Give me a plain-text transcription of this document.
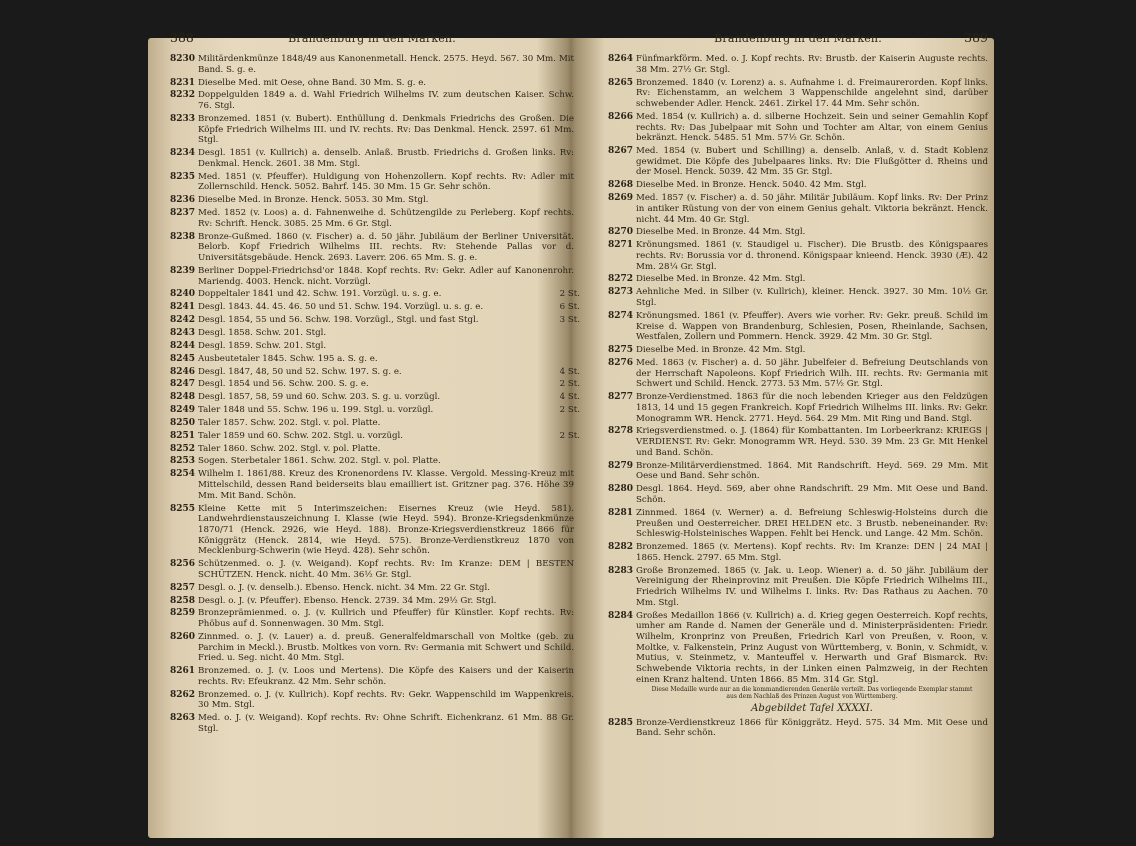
388	Brandenburg in den Marken.
8230 Militärdenkmünze 1848/49 aus Kanonenmetall. Henck. 2575. Heyd. 567. 30 Mm. Mit Band. S. g. e.
8231 Dieselbe Med. mit Oese, ohne Band. 30 Mm. S. g. e.
8232 Doppelgulden 1849 a. d. Wahl Friedrich Wilhelms IV. zum deutschen Kaiser. Schw. 76. Stgl.
8233 Bronzemed. 1851 (v. Bubert). Enthüllung d. Denkmals Friedrichs des Großen. Die Köpfe Friedrich Wilhelms III. und IV. rechts. Rv: Das Denkmal. Henck. 2597. 61 Mm. Stgl.
8234 Desgl. 1851 (v. Kullrich) a. denselb. Anlaß. Brustb. Friedrichs d. Großen links. Rv: Denkmal. Henck. 2601. 38 Mm. Stgl.
8235 Med. 1851 (v. Pfeuffer). Huldigung von Hohenzollern. Kopf rechts. Rv: Adler mit Zollernschild. Henck. 5052. Bahrf. 145. 30 Mm. 15 Gr. Sehr schön.
8236 Dieselbe Med. in Bronze. Henck. 5053. 30 Mm. Stgl.
8237 Med. 1852 (v. Loos) a. d. Fahnenweihe d. Schützengilde zu Perleberg. Kopf rechts. Rv: Schrift. Henck. 3085. 25 Mm. 6 Gr. Stgl.
8238 Bronze-Gußmed. 1860 (v. Fischer) a. d. 50 jähr. Jubiläum der Berliner Universität. Belorb. Kopf Friedrich Wilhelms III. rechts. Rv: Stehende Pallas vor d. Universitätsgebäude. Henck. 2693. Laverr. 206. 65 Mm. S. g. e.
8239 Berliner Doppel-Friedrichsd'or 1848. Kopf rechts. Rv: Gekr. Adler auf Kanonenrohr. Mariendg. 4003. Henck. nicht. Vorzügl.
8240 Doppeltaler 1841 und 42. Schw. 191. Vorzügl. u. s. g. e.	2 St.
8241 Desgl. 1843. 44. 45. 46. 50 und 51. Schw. 194. Vorzügl. u. s. g. e.	6 St.
8242 Desgl. 1854, 55 und 56. Schw. 198. Vorzügl., Stgl. und fast Stgl.	3 St.
8243 Desgl. 1858. Schw. 201. Stgl.
8244 Desgl. 1859. Schw. 201. Stgl.
8245 Ausbeutetaler 1845. Schw. 195 a. S. g. e.
8246 Desgl. 1847, 48, 50 und 52. Schw. 197. S. g. e.	4 St.
8247 Desgl. 1854 und 56. Schw. 200. S. g. e.	2 St.
8248 Desgl. 1857, 58, 59 und 60. Schw. 203. S. g. u. vorzügl.	4 St.
8249 Taler 1848 und 55. Schw. 196 u. 199. Stgl. u. vorzügl.	2 St.
8250 Taler 1857. Schw. 202. Stgl. v. pol. Platte.
8251 Taler 1859 und 60. Schw. 202. Stgl. u. vorzügl.	2 St.
8252 Taler 1860. Schw. 202. Stgl. v. pol. Platte.
8253 Sogen. Sterbetaler 1861. Schw. 202. Stgl. v. pol. Platte.
8254 Wilhelm I. 1861/88. Kreuz des Kronenordens IV. Klasse. Vergold. Messing-Kreuz mit Mittelschild, dessen Rand beiderseits blau emailliert ist. Gritzner pag. 376. Höhe 39 Mm. Mit Band. Schön.
8255 Kleine Kette mit 5 Interimszeichen: Eisernes Kreuz (wie Heyd. 581). Landwehrdienstauszeichnung I. Klasse (wie Heyd. 594). Bronze-Kriegsdenkmünze 1870/71 (Henck. 2926, wie Heyd. 188). Bronze-Kriegsverdienstkreuz 1866 für Königgrätz (Henck. 2814, wie Heyd. 575). Bronze-Verdienstkreuz 1870 von Mecklenburg-Schwerin (wie Heyd. 428). Sehr schön.
8256 Schützenmed. o. J. (v. Weigand). Kopf rechts. Rv: Im Kranze: DEM | BESTEN SCHÜTZEN. Henck. nicht. 40 Mm. 36½ Gr. Stgl.
8257 Desgl. o. J. (v. denselb.). Ebenso. Henck. nicht. 34 Mm. 22 Gr. Stgl.
8258 Desgl. o. J. (v. Pfeuffer). Ebenso. Henck. 2739. 34 Mm. 29½ Gr. Stgl.
8259 Bronzeprämienmed. o. J. (v. Kullrich und Pfeuffer) für Künstler. Kopf rechts. Rv: Phöbus auf d. Sonnenwagen. 30 Mm. Stgl.
8260 Zinnmed. o. J. (v. Lauer) a. d. preuß. Generalfeldmarschall von Moltke (geb. zu Parchim in Meckl.). Brustb. Moltkes von vorn. Rv: Germania mit Schwert und Schild. Fried. u. Seg. nicht. 40 Mm. Stgl.
8261 Bronzemed. o. J. (v. Loos und Mertens). Die Köpfe des Kaisers und der Kaiserin rechts. Rv: Efeukranz. 42 Mm. Sehr schön.
8262 Bronzemed. o. J. (v. Kullrich). Kopf rechts. Rv: Gekr. Wappenschild im Wappenkreis. 30 Mm. Stgl.
8263 Med. o. J. (v. Weigand). Kopf rechts. Rv: Ohne Schrift. Eichenkranz. 61 Mm. 88 Gr. Stgl.
Brandenburg in den Marken.	389
8264 Fünfmarkförm. Med. o. J. Kopf rechts. Rv: Brustb. der Kaiserin Auguste rechts. 38 Mm. 27½ Gr. Stgl.
8265 Bronzemed. 1840 (v. Lorenz) a. s. Aufnahme i. d. Freimaurerorden. Kopf links. Rv: Eichenstamm, an welchem 3 Wappenschilde angelehnt sind, darüber schwebender Adler. Henck. 2461. Zirkel 17. 44 Mm. Sehr schön.
8266 Med. 1854 (v. Kullrich) a. d. silberne Hochzeit. Sein und seiner Gemahlin Kopf rechts. Rv: Das Jubelpaar mit Sohn und Tochter am Altar, von einem Genius bekränzt. Henck. 5485. 51 Mm. 57½ Gr. Schön.
8267 Med. 1854 (v. Bubert und Schilling) a. denselb. Anlaß, v. d. Stadt Koblenz gewidmet. Die Köpfe des Jubelpaares links. Rv: Die Flußgötter d. Rheins und der Mosel. Henck. 5039. 42 Mm. 35 Gr. Stgl.
8268 Dieselbe Med. in Bronze. Henck. 5040. 42 Mm. Stgl.
8269 Med. 1857 (v. Fischer) a. d. 50 jähr. Militär Jubiläum. Kopf links. Rv: Der Prinz in antiker Rüstung von der von einem Genius gehalt. Viktoria bekränzt. Henck. nicht. 44 Mm. 40 Gr. Stgl.
8270 Dieselbe Med. in Bronze. 44 Mm. Stgl.
8271 Krönungsmed. 1861 (v. Staudigel u. Fischer). Die Brustb. des Königspaares rechts. Rv: Borussia vor d. thronend. Königspaar knieend. Henck. 3930 (Æ). 42 Mm. 28¼ Gr. Stgl.
8272 Dieselbe Med. in Bronze. 42 Mm. Stgl.
8273 Aehnliche Med. in Silber (v. Kullrich), kleiner. Henck. 3927. 30 Mm. 10½ Gr. Stgl.
8274 Krönungsmed. 1861 (v. Pfeuffer). Avers wie vorher. Rv: Gekr. preuß. Schild im Kreise d. Wappen von Brandenburg, Schlesien, Posen, Rheinlande, Sachsen, Westfalen, Zollern und Pommern. Henck. 3929. 42 Mm. 30 Gr. Stgl.
8275 Dieselbe Med. in Bronze. 42 Mm. Stgl.
8276 Med. 1863 (v. Fischer) a. d. 50 jähr. Jubelfeier d. Befreiung Deutschlands von der Herrschaft Napoleons. Kopf Friedrich Wilh. III. rechts. Rv: Germania mit Schwert und Schild. Henck. 2773. 53 Mm. 57½ Gr. Stgl.
8277 Bronze-Verdienstmed. 1863 für die noch lebenden Krieger aus den Feldzügen 1813, 14 und 15 gegen Frankreich. Kopf Friedrich Wilhelms III. links. Rv: Gekr. Monogramm WR. Henck. 2771. Heyd. 564. 29 Mm. Mit Ring und Band. Stgl.
8278 Kriegsverdienstmed. o. J. (1864) für Kombattanten. Im Lorbeerkranz: KRIEGS | VERDIENST. Rv: Gekr. Monogramm WR. Heyd. 530. 39 Mm. 23 Gr. Mit Henkel und Band. Schön.
8279 Bronze-Militärverdienstmed. 1864. Mit Randschrift. Heyd. 569. 29 Mm. Mit Oese und Band. Sehr schön.
8280 Desgl. 1864. Heyd. 569, aber ohne Randschrift. 29 Mm. Mit Oese und Band. Schön.
8281 Zinnmed. 1864 (v. Werner) a. d. Befreiung Schleswig-Holsteins durch die Preußen und Oesterreicher. DREI HELDEN etc. 3 Brustb. nebeneinander. Rv: Schleswig-Holsteinisches Wappen. Fehlt bei Henck. und Lange. 42 Mm. Schön.
8282 Bronzemed. 1865 (v. Mertens). Kopf rechts. Rv: Im Kranze: DEN | 24 MAI | 1865. Henck. 2797. 65 Mm. Stgl.
8283 Große Bronzemed. 1865 (v. Jak. u. Leop. Wiener) a. d. 50 jähr. Jubiläum der Vereinigung der Rheinprovinz mit Preußen. Die Köpfe Friedrich Wilhelms III., Friedrich Wilhelms IV. und Wilhelms I. links. Rv: Das Rathaus zu Aachen. 70 Mm. Stgl.
8284 Großes Medaillon 1866 (v. Kullrich) a. d. Krieg gegen Oesterreich. Kopf rechts, umher am Rande d. Namen der Generäle und d. Ministerpräsidenten: Friedr. Wilhelm, Kronprinz von Preußen, Friedrich Karl von Preußen, v. Roon, v. Moltke, v. Falkenstein, Prinz August von Württemberg, v. Bonin, v. Schmidt, v. Mutius, v. Steinmetz, v. Manteuffel v. Herwarth und Graf Bismarck. Rv: Schwebende Viktoria rechts, in der Linken einen Palmzweig, in der Rechten einen Kranz haltend. Unten 1866. 85 Mm. 314 Gr. Stgl.
Diese Medaille wurde nur an die kommandierenden Generäle verteilt. Das vorliegende Exemplar stammt aus dem Nachlaß des Prinzen August von Württemberg.
Abgebildet Tafel XXXXI.
8285 Bronze-Verdienstkreuz 1866 für Königgrätz. Heyd. 575. 34 Mm. Mit Oese und Band. Sehr schön.
